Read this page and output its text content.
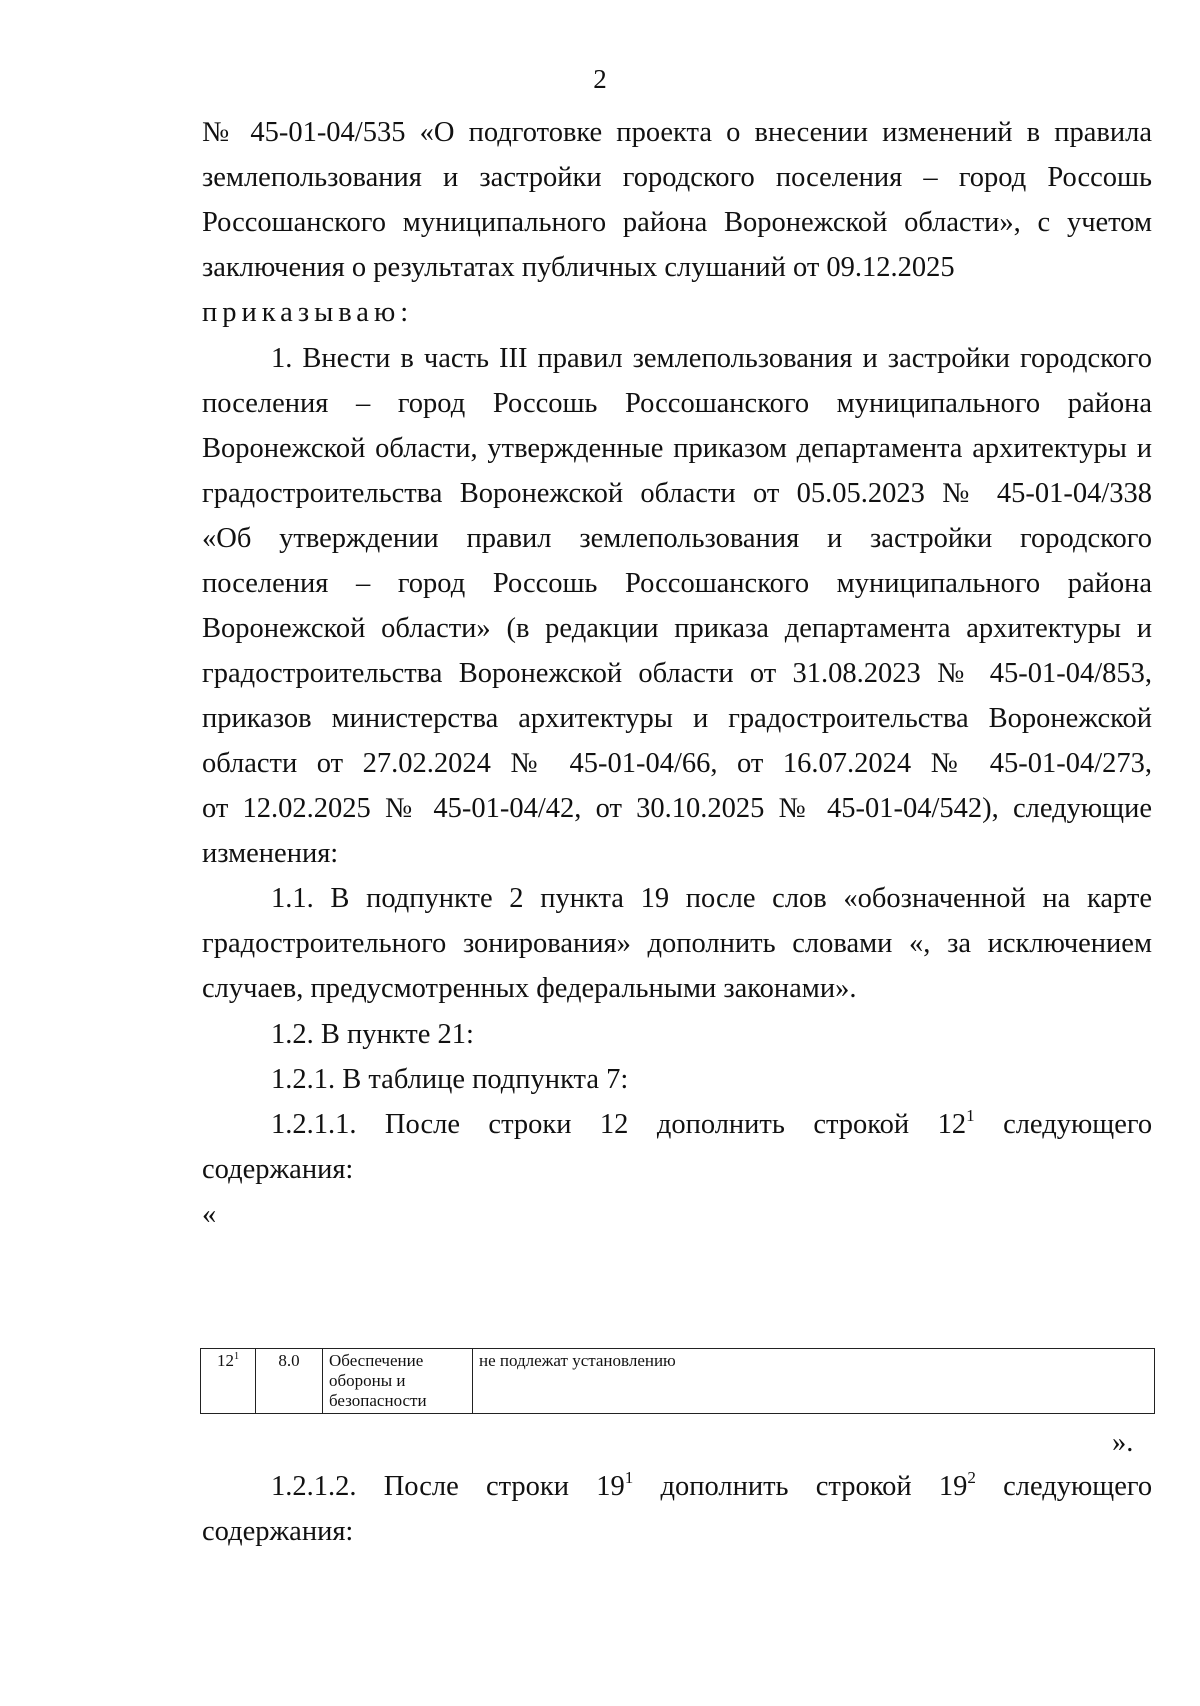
2
№ 45-01-04/535 «О подготовке проекта о внесении изменений в правила
землепользования и застройки городского поселения – город Россошь
Россошанского муниципального района Воронежской области», с учетом
заключения о результатах публичных слушаний от 09.12.2025
приказываю:
1. Внести в часть III правил землепользования и застройки городского
поселения – город Россошь Россошанского муниципального района
Воронежской области, утвержденные приказом департамента архитектуры и
градостроительства Воронежской области от 05.05.2023 № 45-01-04/338
«Об утверждении правил землепользования и застройки городского
поселения – город Россошь Россошанского муниципального района
Воронежской области» (в редакции приказа департамента архитектуры и
градостроительства Воронежской области от 31.08.2023 № 45-01-04/853,
приказов министерства архитектуры и градостроительства Воронежской
области от 27.02.2024 № 45-01-04/66, от 16.07.2024 № 45-01-04/273,
от 12.02.2025 № 45-01-04/42, от 30.10.2025 № 45-01-04/542), следующие
изменения:
1.1. В подпункте 2 пункта 19 после слов «обозначенной на карте
градостроительного зонирования» дополнить словами «, за исключением
случаев, предусмотренных федеральными законами».
1.2. В пункте 21:
1.2.1. В таблице подпункта 7:
1.2.1.1. После строки 12 дополнить строкой $12^1$ следующего
содержания:
«
$12^1$	8.0	Обеспечение обороны и безопасности	не подлежат установлению
».
1.2.1.2. После строки $19^1$ дополнить строкой $19^2$ следующего
содержания:
